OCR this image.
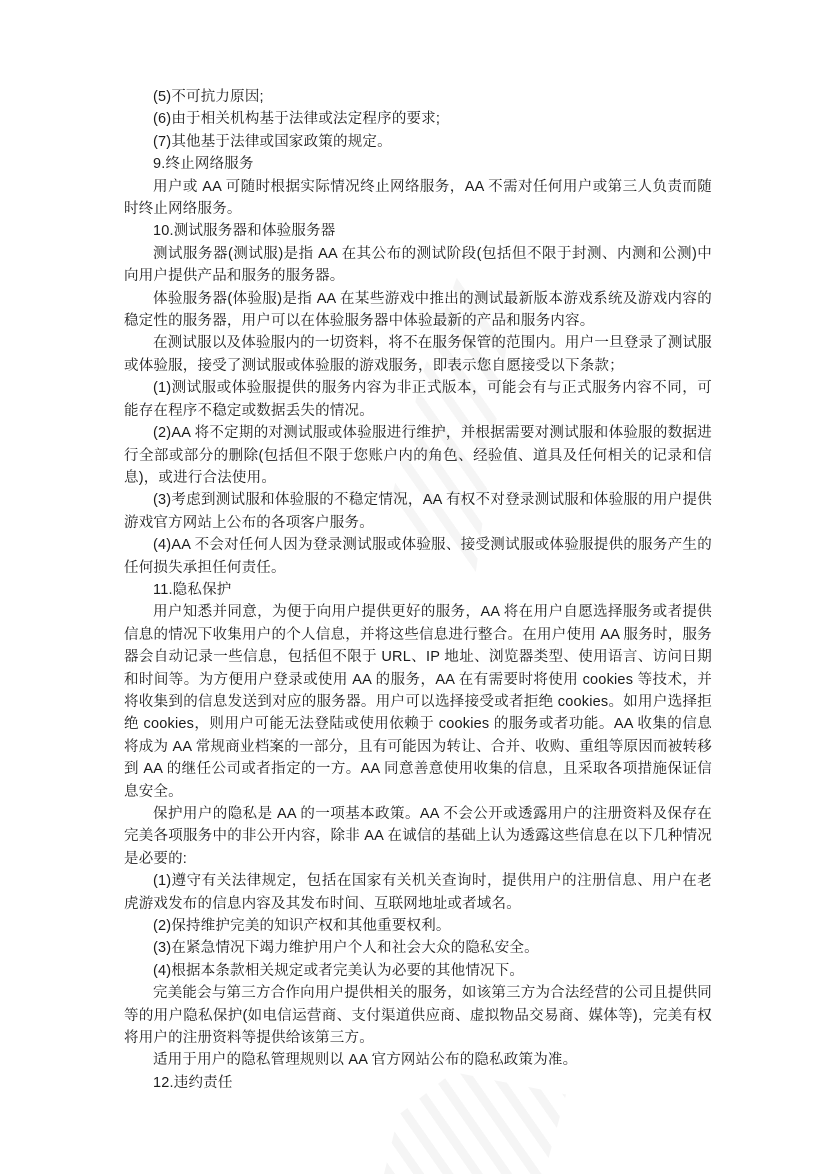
(5)不可抗力原因;

(6)由于相关机构基于法律或法定程序的要求;

(7)其他基于法律或国家政策的规定。

9.终止网络服务

用户或 AA 可随时根据实际情况终止网络服务，AA 不需对任何用户或第三人负责而随时终止网络服务。

10.测试服务器和体验服务器

测试服务器(测试服)是指 AA 在其公布的测试阶段(包括但不限于封测、内测和公测)中向用户提供产品和服务的服务器。

体验服务器(体验服)是指 AA 在某些游戏中推出的测试最新版本游戏系统及游戏内容的稳定性的服务器，用户可以在体验服务器中体验最新的产品和服务内容。

在测试服以及体验服内的一切资料，将不在服务保管的范围内。用户一旦登录了测试服或体验服，接受了测试服或体验服的游戏服务，即表示您自愿接受以下条款；

(1)测试服或体验服提供的服务内容为非正式版本，可能会有与正式服务内容不同，可能存在程序不稳定或数据丢失的情况。

(2)AA 将不定期的对测试服或体验服进行维护，并根据需要对测试服和体验服的数据进行全部或部分的删除(包括但不限于您账户内的角色、经验值、道具及任何相关的记录和信息)，或进行合法使用。

(3)考虑到测试服和体验服的不稳定情况，AA 有权不对登录测试服和体验服的用户提供游戏官方网站上公布的各项客户服务。

(4)AA 不会对任何人因为登录测试服或体验服、接受测试服或体验服提供的服务产生的任何损失承担任何责任。

11.隐私保护

用户知悉并同意，为便于向用户提供更好的服务，AA 将在用户自愿选择服务或者提供信息的情况下收集用户的个人信息，并将这些信息进行整合。在用户使用 AA 服务时，服务器会自动记录一些信息，包括但不限于 URL、IP 地址、浏览器类型、使用语言、访问日期和时间等。为方便用户登录或使用 AA 的服务，AA 在有需要时将使用 cookies 等技术，并将收集到的信息发送到对应的服务器。用户可以选择接受或者拒绝 cookies。如用户选择拒绝 cookies，则用户可能无法登陆或使用依赖于 cookies 的服务或者功能。AA 收集的信息将成为 AA 常规商业档案的一部分，且有可能因为转让、合并、收购、重组等原因而被转移到 AA 的继任公司或者指定的一方。AA 同意善意使用收集的信息，且采取各项措施保证信息安全。

保护用户的隐私是 AA 的一项基本政策。AA 不会公开或透露用户的注册资料及保存在完美各项服务中的非公开内容，除非 AA 在诚信的基础上认为透露这些信息在以下几种情况是必要的:

(1)遵守有关法律规定，包括在国家有关机关查询时，提供用户的注册信息、用户在老虎游戏发布的信息内容及其发布时间、互联网地址或者域名。

(2)保持维护完美的知识产权和其他重要权利。

(3)在紧急情况下竭力维护用户个人和社会大众的隐私安全。

(4)根据本条款相关规定或者完美认为必要的其他情况下。

完美能会与第三方合作向用户提供相关的服务，如该第三方为合法经营的公司且提供同等的用户隐私保护(如电信运营商、支付渠道供应商、虚拟物品交易商、媒体等)，完美有权将用户的注册资料等提供给该第三方。

适用于用户的隐私管理规则以 AA 官方网站公布的隐私政策为准。

12.违约责任
